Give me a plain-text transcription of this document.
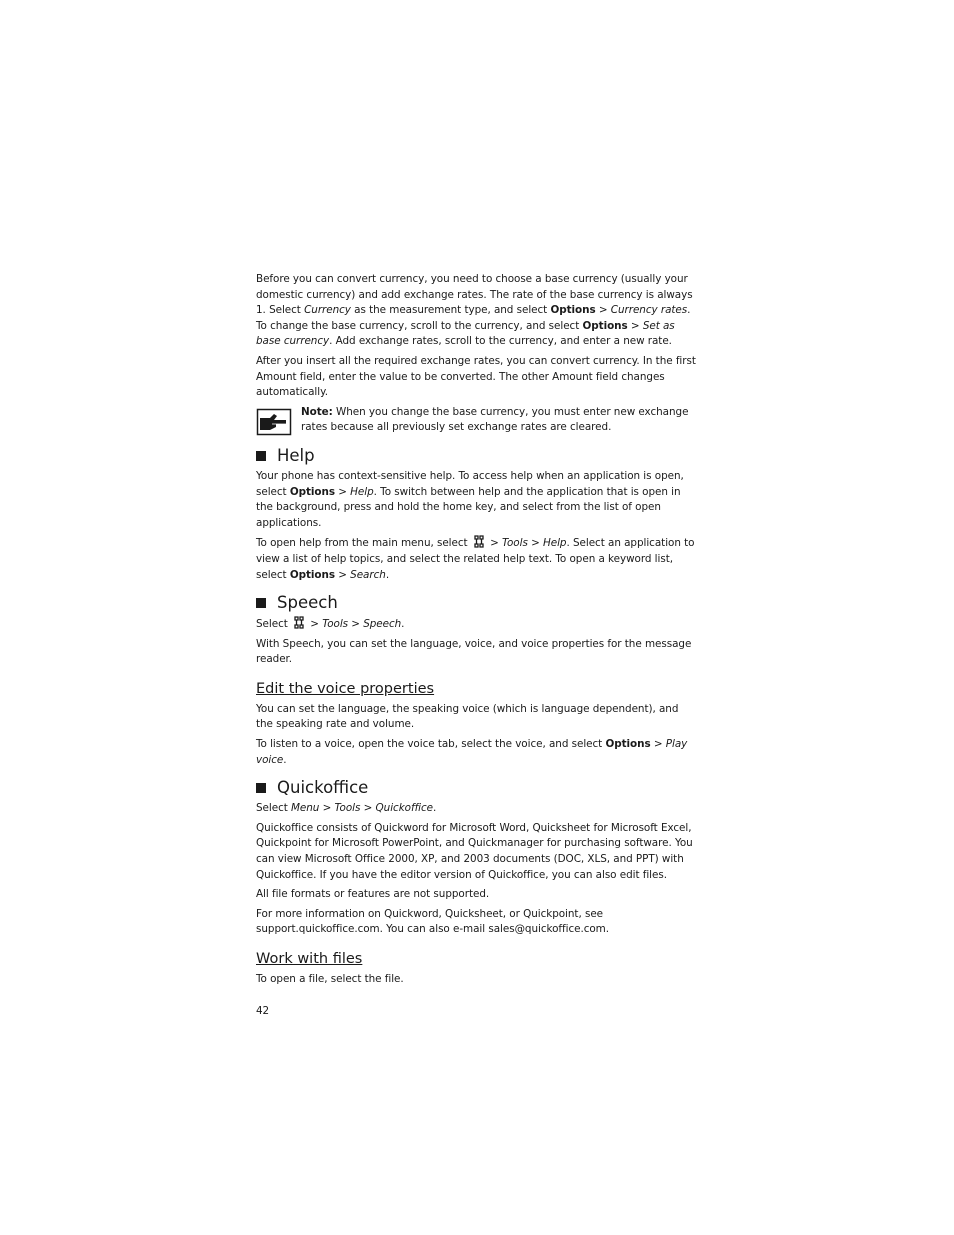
Before you can convert currency, you need to choose a base currency (usually your domestic currency) and add exchange rates. The rate of the base currency is always 1. Select Currency as the measurement type, and select Options > Currency rates. To change the base currency, scroll to the currency, and select Options > Set as base currency. Add exchange rates, scroll to the currency, and enter a new rate.

After you insert all the required exchange rates, you can convert currency. In the first Amount field, enter the value to be converted. The other Amount field changes automatically.

Note: When you change the base currency, you must enter new exchange rates because all previously set exchange rates are cleared.

Help

Your phone has context-sensitive help. To access help when an application is open, select Options > Help. To switch between help and the application that is open in the background, press and hold the home key, and select from the list of open applications.

To open help from the main menu, select  > Tools > Help. Select an application to view a list of help topics, and select the related help text. To open a keyword list, select Options > Search.

Speech

Select  > Tools > Speech.

With Speech, you can set the language, voice, and voice properties for the message reader.

Edit the voice properties

You can set the language, the speaking voice (which is language dependent), and the speaking rate and volume.

To listen to a voice, open the voice tab, select the voice, and select Options > Play voice.

Quickoffice

Select Menu > Tools > Quickoffice.

Quickoffice consists of Quickword for Microsoft Word, Quicksheet for Microsoft Excel, Quickpoint for Microsoft PowerPoint, and Quickmanager for purchasing software. You can view Microsoft Office 2000, XP, and 2003 documents (DOC, XLS, and PPT) with Quickoffice. If you have the editor version of Quickoffice, you can also edit files.

All file formats or features are not supported.

For more information on Quickword, Quicksheet, or Quickpoint, see support.quickoffice.com. You can also e-mail sales@quickoffice.com.

Work with files

To open a file, select the file.

42
